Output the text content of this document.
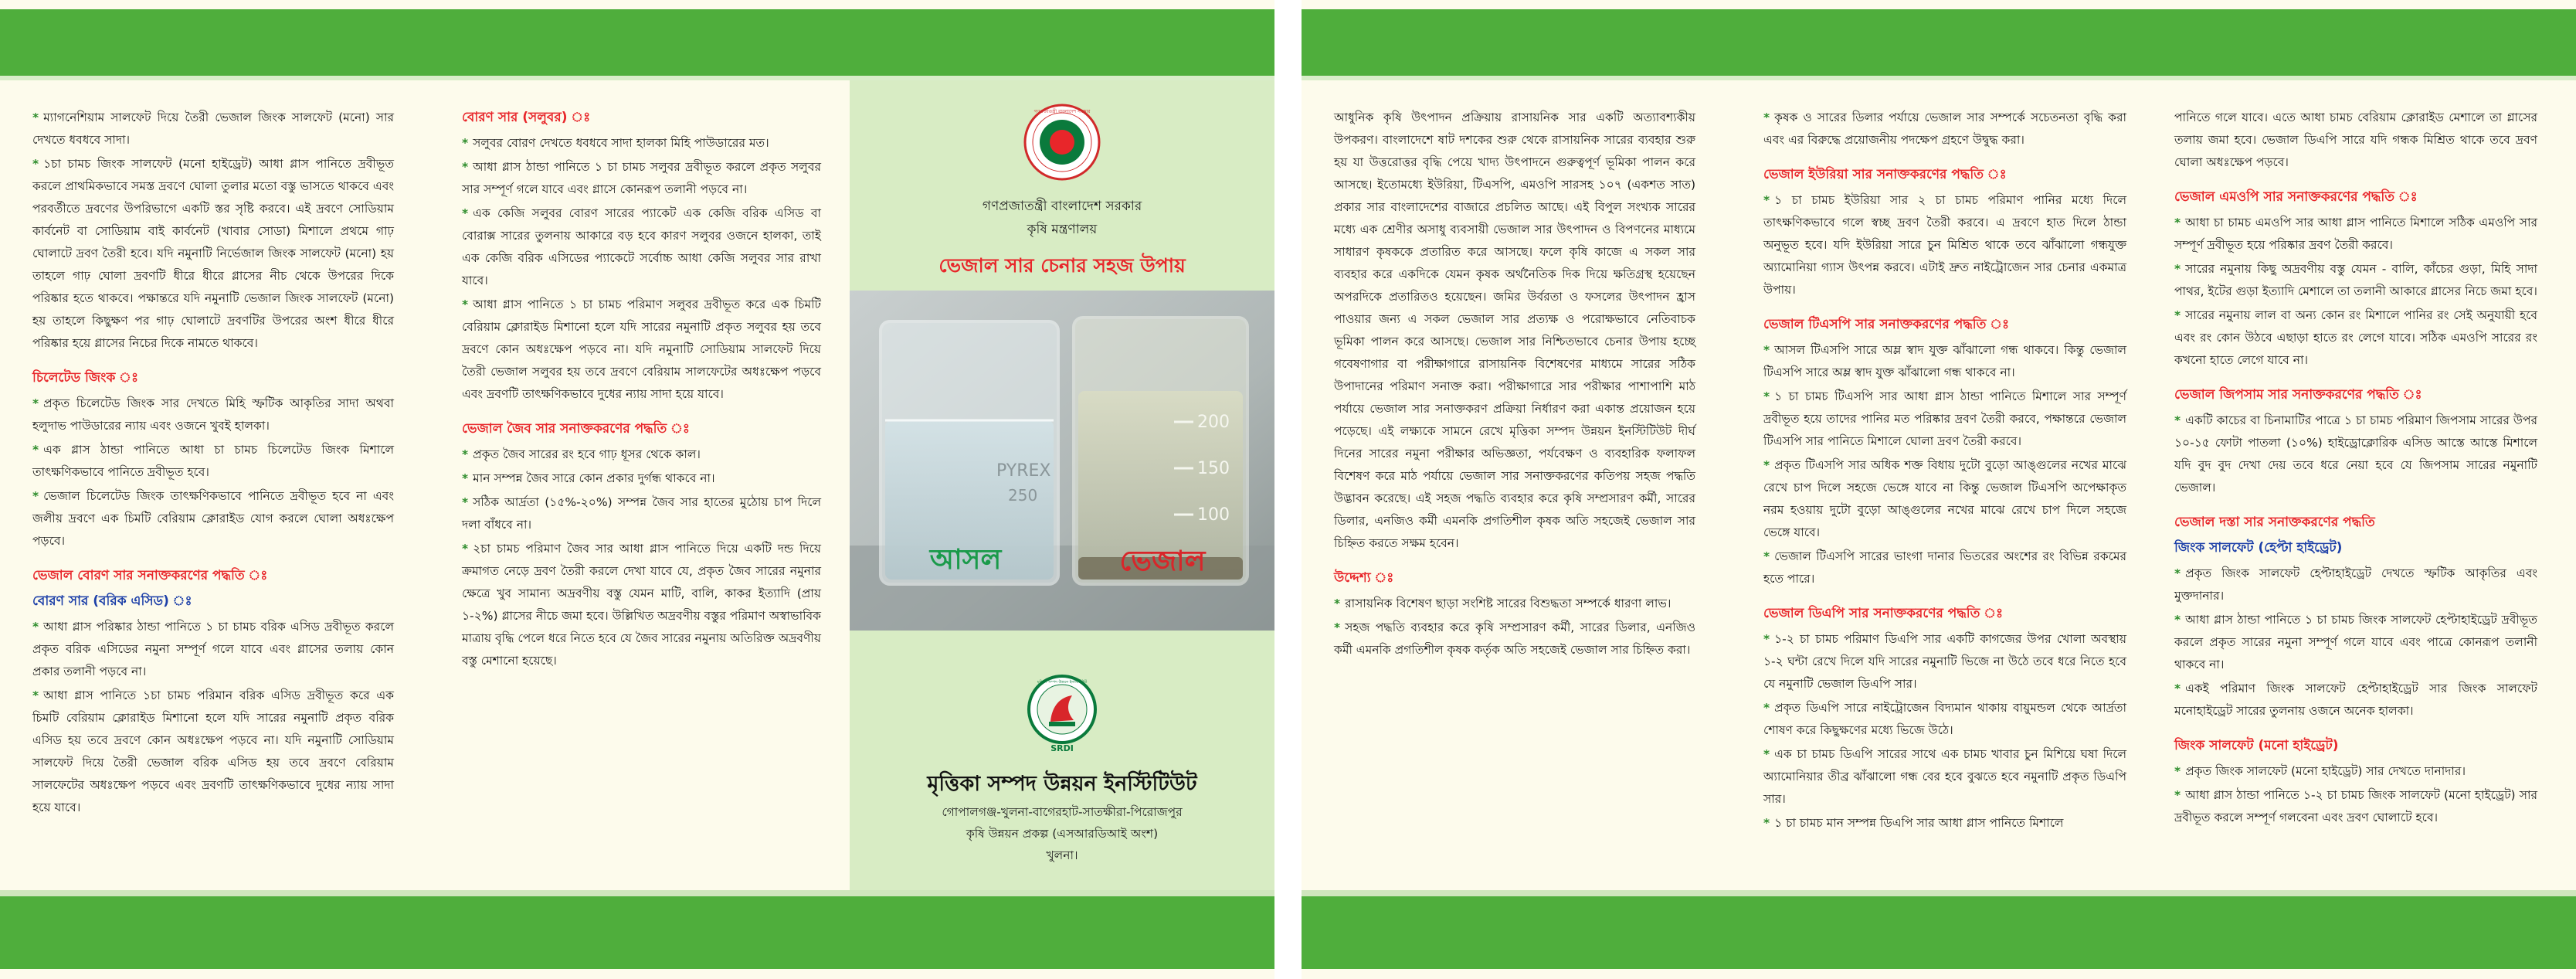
* ম্যাগনেশিয়াম সালফেট দিয়ে তৈরী ভেজাল জিংক সালফেট (মনো) সার দেখতে ধবধবে সাদা।

* ১চা চামচ জিংক সালফেট (মনো হাইড্রেট) আধা গ্লাস পানিতে দ্রবীভূত করলে প্রাথমিকভাবে সমস্ত দ্রবণে ঘোলা তুলার মতো বস্তু ভাসতে থাকবে এবং পরবর্তীতে দ্রবণের উপরিভাগে একটি স্তর সৃষ্টি করবে। এই দ্রবণে সোডিয়াম কার্বনেট বা সোডিয়াম বাই কার্বনেট (খাবার সোডা) মিশালে প্রথমে গাঢ় ঘোলাটে দ্রবণ তৈরী হবে। যদি নমুনাটি নির্ভেজাল জিংক সালফেট (মনো) হয় তাহলে গাঢ় ঘোলা দ্রবণটি ধীরে ধীরে গ্লাসের নীচ থেকে উপরের দিকে পরিষ্কার হতে থাকবে। পক্ষান্তরে যদি নমুনাটি ভেজাল জিংক সালফেট (মনো) হয় তাহলে কিছুক্ষণ পর গাঢ় ঘোলাটে দ্রবণটির উপরের অংশ ধীরে ধীরে পরিষ্কার হয়ে গ্লাসের নিচের দিকে নামতে থাকবে।

চিলেটেড জিংক ঃ

* প্রকৃত চিলেটেড জিংক সার দেখতে মিহি স্ফটিক আকৃতির সাদা অথবা হলুদাভ পাউডারের ন্যায় এবং ওজনে খুবই হালকা।

* এক গ্লাস ঠান্ডা পানিতে আধা চা চামচ চিলেটেড জিংক মিশালে তাৎক্ষণিকভাবে পানিতে দ্রবীভূত হবে।

* ভেজাল চিলেটেড জিংক তাৎক্ষণিকভাবে পানিতে দ্রবীভূত হবে না এবং জলীয় দ্রবণে এক চিমটি বেরিয়াম ক্লোরাইড যোগ করলে ঘোলা অধঃক্ষেপ পড়বে।

ভেজাল বোরণ সার সনাক্তকরণের পদ্ধতি ঃ
বোরণ সার (বরিক এসিড) ঃ

* আধা গ্লাস পরিষ্কার ঠান্ডা পানিতে ১ চা চামচ বরিক এসিড দ্রবীভূত করলে প্রকৃত বরিক এসিডের নমুনা সম্পূর্ণ গলে যাবে এবং গ্লাসের তলায় কোন প্রকার তলানী পড়বে না।

* আধা গ্লাস পানিতে ১চা চামচ পরিমান বরিক এসিড দ্রবীভূত করে এক চিমটি বেরিয়াম ক্লোরাইড মিশানো হলে যদি সারের নমুনাটি প্রকৃত বরিক এসিড হয় তবে দ্রবণে কোন অধঃক্ষেপ পড়বে না। যদি নমুনাটি সোডিয়াম সালফেট দিয়ে তৈরী ভেজাল বরিক এসিড হয় তবে দ্রবণে বেরিয়াম সালফেটের অধঃক্ষেপ পড়বে এবং দ্রবণটি তাৎক্ষণিকভাবে দুধের ন্যায় সাদা হয়ে যাবে।

বোরণ সার (সলুবর) ঃ

* সলুবর বোরণ দেখতে ধবধবে সাদা হালকা মিহি পাউডারের মত।

* আধা গ্লাস ঠান্ডা পানিতে ১ চা চামচ সলুবর দ্রবীভূত করলে প্রকৃত সলুবর সার সম্পূর্ণ গলে যাবে এবং গ্লাসে কোনরূপ তলানী পড়বে না।

* এক কেজি সলুবর বোরণ সারের প্যাকেট এক কেজি বরিক এসিড বা বোরাক্স সারের তুলনায় আকারে বড় হবে কারণ সলুবর ওজনে হালকা, তাই এক কেজি বরিক এসিডের প্যাকেটে সর্বোচ্চ আধা কেজি সলুবর সার রাখা যাবে।

* আধা গ্লাস পানিতে ১ চা চামচ পরিমাণ সলুবর দ্রবীভূত করে এক চিমটি বেরিয়াম ক্লোরাইড মিশানো হলে যদি সারের নমুনাটি প্রকৃত সলুবর হয় তবে দ্রবণে কোন অধঃক্ষেপ পড়বে না। যদি নমুনাটি সোডিয়াম সালফেট দিয়ে তৈরী ভেজাল সলুবর হয় তবে দ্রবণে বেরিয়াম সালফেটের অধঃক্ষেপ পড়বে এবং দ্রবণটি তাৎক্ষণিকভাবে দুধের ন্যায় সাদা হয়ে যাবে।

ভেজাল জৈব সার সনাক্তকরণের পদ্ধতি ঃ

* প্রকৃত জৈব সারের রং হবে গাঢ় ধূসর থেকে কাল।

* মান সম্পন্ন জৈব সারে কোন প্রকার দুর্গন্ধ থাকবে না।

* সঠিক আর্দ্রতা (১৫%-২০%) সম্পন্ন জৈব সার হাতের মুঠোয় চাপ দিলে দলা বাঁধবে না।

* ২চা চামচ পরিমাণ জৈব সার আধা গ্লাস পানিতে দিয়ে একটি দন্ড দিয়ে ক্রমাগত নেড়ে দ্রবণ তৈরী করলে দেখা যাবে যে, প্রকৃত জৈব সারের নমুনার ক্ষেত্রে খুব সামান্য অদ্রবণীয় বস্তু যেমন মাটি, বালি, কাকর ইত্যাদি (প্রায় ১-২%) গ্লাসের নীচে জমা হবে। উল্লিখিত অদ্রবণীয় বস্তুর পরিমাণ অস্বাভাবিক মাত্রায় বৃদ্ধি পেলে ধরে নিতে হবে যে জৈব সারের নমুনায় অতিরিক্ত অদ্রবণীয় বস্তু মেশানো হয়েছে।

গণপ্রজাতন্ত্রী বাংলাদেশ সরকার
গণপ্রজাতন্ত্রী বাংলাদেশ সরকার
কৃষি মন্ত্রণালয়
ভেজাল সার চেনার সহজ উপায়
PYREX
250
200
150
100
আসল	ভেজাল
মৃত্তিকা সম্পদ উন্নয়ন ইনস্টিটিউট
SRDI
মৃত্তিকা সম্পদ উন্নয়ন ইনস্টিটিউট
গোপালগঞ্জ-খুলনা-বাগেরহাট-সাতক্ষীরা-পিরোজপুর
কৃষি উন্নয়ন প্রকল্প (এসআরডিআই অংশ)
খুলনা।

আধুনিক কৃষি উৎপাদন প্রক্রিয়ায় রাসায়নিক সার একটি অত্যাবশ্যকীয় উপকরণ। বাংলাদেশে ষাট দশকের শুরু থেকে রাসায়নিক সারের ব্যবহার শুরু হয় যা উত্তরোত্তর বৃদ্ধি পেয়ে খাদ্য উৎপাদনে গুরুত্বপূর্ণ ভূমিকা পালন করে আসছে। ইতোমধ্যে ইউরিয়া, টিএসপি, এমওপি সারসহ ১০৭ (একশত সাত) প্রকার সার বাংলাদেশের বাজারে প্রচলিত আছে। এই বিপুল সংখ্যক সারের মধ্যে এক শ্রেণীর অসাধু ব্যবসায়ী ভেজাল সার উৎপাদন ও বিপণনের মাধ্যমে সাধারণ কৃষককে প্রতারিত করে আসছে। ফলে কৃষি কাজে এ সকল সার ব্যবহার করে একদিকে যেমন কৃষক অর্থনৈতিক দিক দিয়ে ক্ষতিগ্রস্থ হয়েছেন অপরদিকে প্রতারিতও হয়েছেন। জমির উর্বরতা ও ফসলের উৎপাদন হ্রাস পাওয়ার জন্য এ সকল ভেজাল সার প্রত্যক্ষ ও পরোক্ষভাবে নেতিবাচক ভূমিকা পালন করে আসছে। ভেজাল সার নিশ্চিতভাবে চেনার উপায় হচ্ছে গবেষণাগার বা পরীক্ষাগারে রাসায়নিক বিশেষণের মাধ্যমে সারের সঠিক উপাদানের পরিমাণ সনাক্ত করা। পরীক্ষাগারে সার পরীক্ষার পাশাপাশি মাঠ পর্যায়ে ভেজাল সার সনাক্তকরণ প্রক্রিয়া নির্ধারণ করা একান্ত প্রয়োজন হয়ে পড়েছে। এই লক্ষ্যকে সামনে রেখে মৃত্তিকা সম্পদ উন্নয়ন ইনস্টিটিউট দীর্ঘ দিনের সারের নমুনা পরীক্ষার অভিজ্ঞতা, পর্যবেক্ষণ ও ব্যবহারিক ফলাফল বিশেষণ করে মাঠ পর্যায়ে ভেজাল সার সনাক্তকরণের কতিপয় সহজ পদ্ধতি উদ্ভাবন করেছে। এই সহজ পদ্ধতি ব্যবহার করে কৃষি সম্প্রসারণ কর্মী, সারের ডিলার, এনজিও কর্মী এমনকি প্রগতিশীল কৃষক অতি সহজেই ভেজাল সার চিহ্নিত করতে সক্ষম হবেন।

উদ্দেশ্য ঃ

* রাসায়নিক বিশেষণ ছাড়া সংশিষ্ট সারের বিশুদ্ধতা সম্পর্কে ধারণা লাভ।

* সহজ পদ্ধতি ব্যবহার করে কৃষি সম্প্রসারণ কর্মী, সারের ডিলার, এনজিও কর্মী এমনকি প্রগতিশীল কৃষক কর্তৃক অতি সহজেই ভেজাল সার চিহ্নিত করা।

* কৃষক ও সারের ডিলার পর্যায়ে ভেজাল সার সম্পর্কে সচেতনতা বৃদ্ধি করা এবং এর বিরুদ্ধে প্রয়োজনীয় পদক্ষেপ গ্রহণে উদ্বুদ্ধ করা।

ভেজাল ইউরিয়া সার সনাক্তকরণের পদ্ধতি ঃ

* ১ চা চামচ ইউরিয়া সার ২ চা চামচ পরিমাণ পানির মধ্যে দিলে তাৎক্ষণিকভাবে গলে স্বচ্ছ দ্রবণ তৈরী করবে। এ দ্রবণে হাত দিলে ঠান্ডা অনুভূত হবে। যদি ইউরিয়া সারে চুন মিশ্রিত থাকে তবে ঝাঁঝালো গন্ধযুক্ত অ্যামোনিয়া গ্যাস উৎপন্ন করবে। এটাই দ্রুত নাইট্রোজেন সার চেনার একমাত্র উপায়।

ভেজাল টিএসপি সার সনাক্তকরণের পদ্ধতি ঃ

* আসল টিএসপি সারে অম্ল স্বাদ যুক্ত ঝাঁঝালো গন্ধ থাকবে। কিন্তু ভেজাল টিএসপি সারে অম্ল স্বাদ যুক্ত ঝাঁঝালো গন্ধ থাকবে না।

* ১ চা চামচ টিএসপি সার আধা গ্লাস ঠান্ডা পানিতে মিশালে সার সম্পূর্ণ দ্রবীভূত হয়ে তাদের পানির মত পরিষ্কার দ্রবণ তৈরী করবে, পক্ষান্তরে ভেজাল টিএসপি সার পানিতে মিশালে ঘোলা দ্রবণ তৈরী করবে।

* প্রকৃত টিএসপি সার অধিক শক্ত বিধায় দুটো বুড়ো আঙ্গুলের নখের মাঝে রেখে চাপ দিলে সহজে ভেঙ্গে যাবে না কিন্তু ভেজাল টিএসপি অপেক্ষাকৃত নরম হওয়ায় দুটো বুড়ো আঙ্গুলের নখের মাঝে রেখে চাপ দিলে সহজে ভেঙ্গে যাবে।

* ভেজাল টিএসপি সারের ভাংগা দানার ভিতরের অংশের রং বিভিন্ন রকমের হতে পারে।

ভেজাল ডিএপি সার সনাক্তকরণের পদ্ধতি ঃ

* ১-২ চা চামচ পরিমাণ ডিএপি সার একটি কাগজের উপর খোলা অবস্থায় ১-২ ঘন্টা রেখে দিলে যদি সারের নমুনাটি ভিজে না উঠে তবে ধরে নিতে হবে যে নমুনাটি ভেজাল ডিএপি সার।

* প্রকৃত ডিএপি সারে নাইট্রোজেন বিদ্যমান থাকায় বায়ুমন্ডল থেকে আর্দ্রতা শোষণ করে কিছুক্ষণের মধ্যে ভিজে উঠে।

* এক চা চামচ ডিএপি সারের সাথে এক চামচ খাবার চুন মিশিয়ে ঘষা দিলে অ্যামোনিয়ার তীব্র ঝাঁঝালো গন্ধ বের হবে বুঝতে হবে নমুনাটি প্রকৃত ডিএপি সার।

* ১ চা চামচ মান সম্পন্ন ডিএপি সার আধা গ্লাস পানিতে মিশালে

পানিতে গলে যাবে। এতে আধা চামচ বেরিয়াম ক্লোরাইড মেশালে তা গ্লাসের তলায় জমা হবে। ভেজাল ডিএপি সারে যদি গন্ধক মিশ্রিত থাকে তবে দ্রবণ ঘোলা অধঃক্ষেপ পড়বে।

ভেজাল এমওপি সার সনাক্তকরণের পদ্ধতি ঃ

* আধা চা চামচ এমওপি সার আধা গ্লাস পানিতে মিশালে সঠিক এমওপি সার সম্পূর্ণ দ্রবীভূত হয়ে পরিষ্কার দ্রবণ তৈরী করবে।

* সারের নমুনায় কিছু অদ্রবণীয় বস্তু যেমন - বালি, কাঁচের গুড়া, মিহি সাদা পাথর, ইটের গুড়া ইত্যাদি মেশালে তা তলানী আকারে গ্লাসের নিচে জমা হবে।

* সারের নমুনায় লাল বা অন্য কোন রং মিশালে পানির রং সেই অনুযায়ী হবে এবং রং কোন উঠবে এছাড়া হাতে রং লেগে যাবে। সঠিক এমওপি সারের রং কখনো হাতে লেগে যাবে না।

ভেজাল জিপসাম সার সনাক্তকরণের পদ্ধতি ঃ

* একটি কাচের বা চিনামাটির পাত্রে ১ চা চামচ পরিমাণ জিপসাম সারের উপর ১০-১৫ ফোটা পাতলা (১০%) হাইড্রোক্লোরিক এসিড আস্তে আস্তে মিশালে যদি বুদ বুদ দেখা দেয় তবে ধরে নেয়া হবে যে জিপসাম সারের নমুনাটি ভেজাল।

ভেজাল দস্তা সার সনাক্তকরণের পদ্ধতি
জিংক সালফেট (হেপ্টা হাইড্রেট)

* প্রকৃত জিংক সালফেট হেপ্টাহাইড্রেট দেখতে স্ফটিক আকৃতির এবং মুক্তদানার।

* আধা গ্লাস ঠান্ডা পানিতে ১ চা চামচ জিংক সালফেট হেপ্টাহাইড্রেট দ্রবীভূত করলে প্রকৃত সারের নমুনা সম্পূর্ণ গলে যাবে এবং পাত্রে কোনরূপ তলানী থাকবে না।

* একই পরিমাণ জিংক সালফেট হেপ্টাহাইড্রেট সার জিংক সালফেট মনোহাইড্রেট সারের তুলনায় ওজনে অনেক হালকা।

জিংক সালফেট (মনো হাইড্রেট)

* প্রকৃত জিংক সালফেট (মনো হাইড্রেট) সার দেখতে দানাদার।

* আধা গ্লাস ঠান্ডা পানিতে ১-২ চা চামচ জিংক সালফেট (মনো হাইড্রেট) সার দ্রবীভূত করলে সম্পূর্ণ গলবেনা এবং দ্রবণ ঘোলাটে হবে।
